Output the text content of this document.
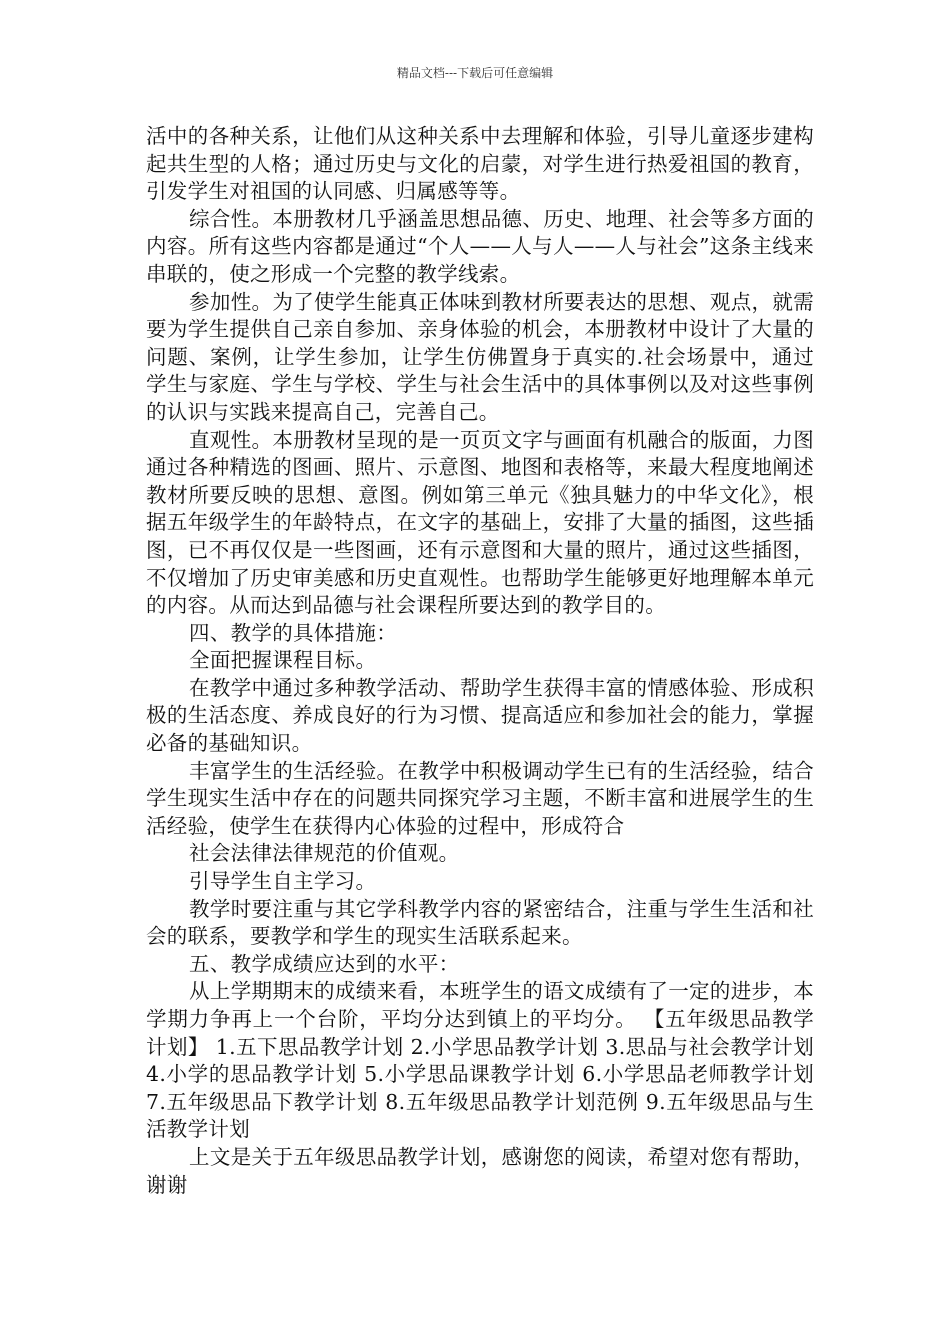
精品文档---下载后可任意编辑

活中的各种关系，让他们从这种关系中去理解和体验，引导儿童逐步建构起共生型的人格；通过历史与文化的启蒙，对学生进行热爱祖国的教育，引发学生对祖国的认同感、归属感等等。

综合性。本册教材几乎涵盖思想品德、历史、地理、社会等多方面的内容。所有这些内容都是通过“个人——人与人——人与社会”这条主线来串联的，使之形成一个完整的教学线索。

参加性。为了使学生能真正体味到教材所要表达的思想、观点，就需要为学生提供自己亲自参加、亲身体验的机会，本册教材中设计了大量的问题、案例，让学生参加，让学生仿佛置身于真实的.社会场景中，通过学生与家庭、学生与学校、学生与社会生活中的具体事例以及对这些事例的认识与实践来提高自己，完善自己。

直观性。本册教材呈现的是一页页文字与画面有机融合的版面，力图通过各种精选的图画、照片、示意图、地图和表格等，来最大程度地阐述教材所要反映的思想、意图。例如第三单元《独具魅力的中华文化》，根据五年级学生的年龄特点，在文字的基础上，安排了大量的插图，这些插图，已不再仅仅是一些图画，还有示意图和大量的照片，通过这些插图，不仅增加了历史审美感和历史直观性。也帮助学生能够更好地理解本单元的内容。从而达到品德与社会课程所要达到的教学目的。

四、教学的具体措施：

全面把握课程目标。

在教学中通过多种教学活动、帮助学生获得丰富的情感体验、形成积极的生活态度、养成良好的行为习惯、提高适应和参加社会的能力，掌握必备的基础知识。

丰富学生的生活经验。在教学中积极调动学生已有的生活经验，结合学生现实生活中存在的问题共同探究学习主题，不断丰富和进展学生的生活经验，使学生在获得内心体验的过程中，形成符合

社会法律法律规范的价值观。

引导学生自主学习。

教学时要注重与其它学科教学内容的紧密结合，注重与学生生活和社会的联系，要教学和学生的现实生活联系起来。

五、教学成绩应达到的水平：

从上学期期末的成绩来看，本班学生的语文成绩有了一定的进步，本学期力争再上一个台阶，平均分达到镇上的平均分。 【五年级思品教学计划】 1.五下思品教学计划 2.小学思品教学计划 3.思品与社会教学计划 4.小学的思品教学计划 5.小学思品课教学计划 6.小学思品老师教学计划 7.五年级思品下教学计划 8.五年级思品教学计划范例 9.五年级思品与生活教学计划

上文是关于五年级思品教学计划，感谢您的阅读，希望对您有帮助，谢谢
